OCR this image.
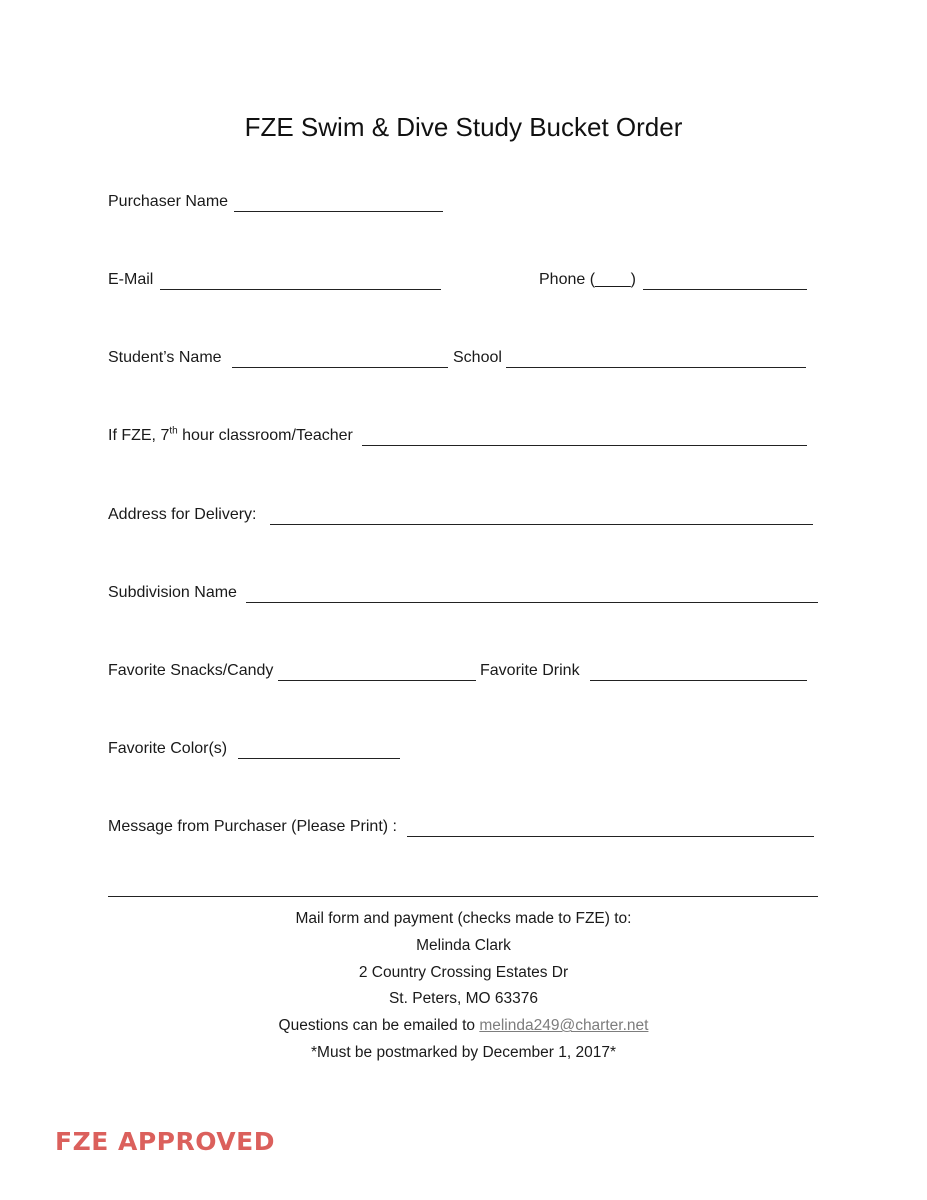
FZE Swim & Dive Study Bucket Order
Purchaser Name
E-Mail	Phone (____)
Student’s Name	School
If FZE, 7th hour classroom/Teacher
Address for Delivery:
Subdivision Name
Favorite Snacks/Candy	Favorite Drink
Favorite Color(s)
Message from Purchaser (Please Print) :
Mail form and payment (checks made to FZE) to:
Melinda Clark
2 Country Crossing Estates Dr
St. Peters, MO 63376
Questions can be emailed to melinda249@charter.net
*Must be postmarked by December 1, 2017*
FZE APPROVED
